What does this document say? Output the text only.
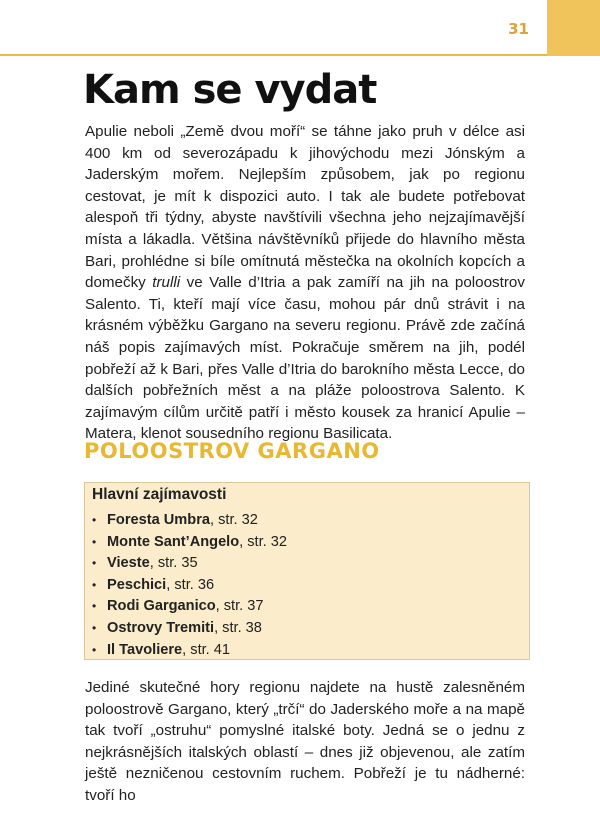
31
Kam se vydat

Apulie neboli „Země dvou moří“ se táhne jako pruh v délce asi 400 km od severozápadu k jihovýchodu mezi Jónským a Jaderským mořem. Nejlepším způsobem, jak po regionu cestovat, je mít k dispozici auto. I tak ale budete potřebovat alespoň tři týdny, abyste navštívili všechna jeho nejzajímavější místa a lákadla. Většina návštěvníků přijede do hlavního města Bari, prohlédne si bíle omítnutá městečka na okolních kopcích a domečky trulli ve Valle d’Itria a pak zamíří na jih na poloostrov Salento. Ti, kteří mají více času, mohou pár dnů strávit i na krásném výběžku Gargano na severu regionu. Právě zde začíná náš popis zajímavých míst. Pokračuje směrem na jih, podél pobřeží až k Bari, přes Valle d’Itria do barokního města Lecce, do dalších pobřežních měst a na pláže poloostrova Salento. K zajímavým cílům určitě patří i město kousek za hranicí Apulie – Matera, klenot sousedního regionu Basilicata.

POLOOSTROV GARGANO
Hlavní zajímavosti
• Foresta Umbra, str. 32
• Monte Sant’Angelo, str. 32
• Vieste, str. 35
• Peschici, str. 36
• Rodi Garganico, str. 37
• Ostrovy Tremiti, str. 38
• Il Tavoliere, str. 41

Jediné skutečné hory regionu najdete na hustě zalesněném poloostrově Gargano, který „trčí“ do Jaderského moře a na mapě tak tvoří „ostruhu“ pomyslné italské boty. Jedná se o jednu z nejkrásnějších italských oblastí – dnes již objevenou, ale zatím ještě nezničenou cestovním ruchem. Pobřeží je tu nádherné: tvoří ho
